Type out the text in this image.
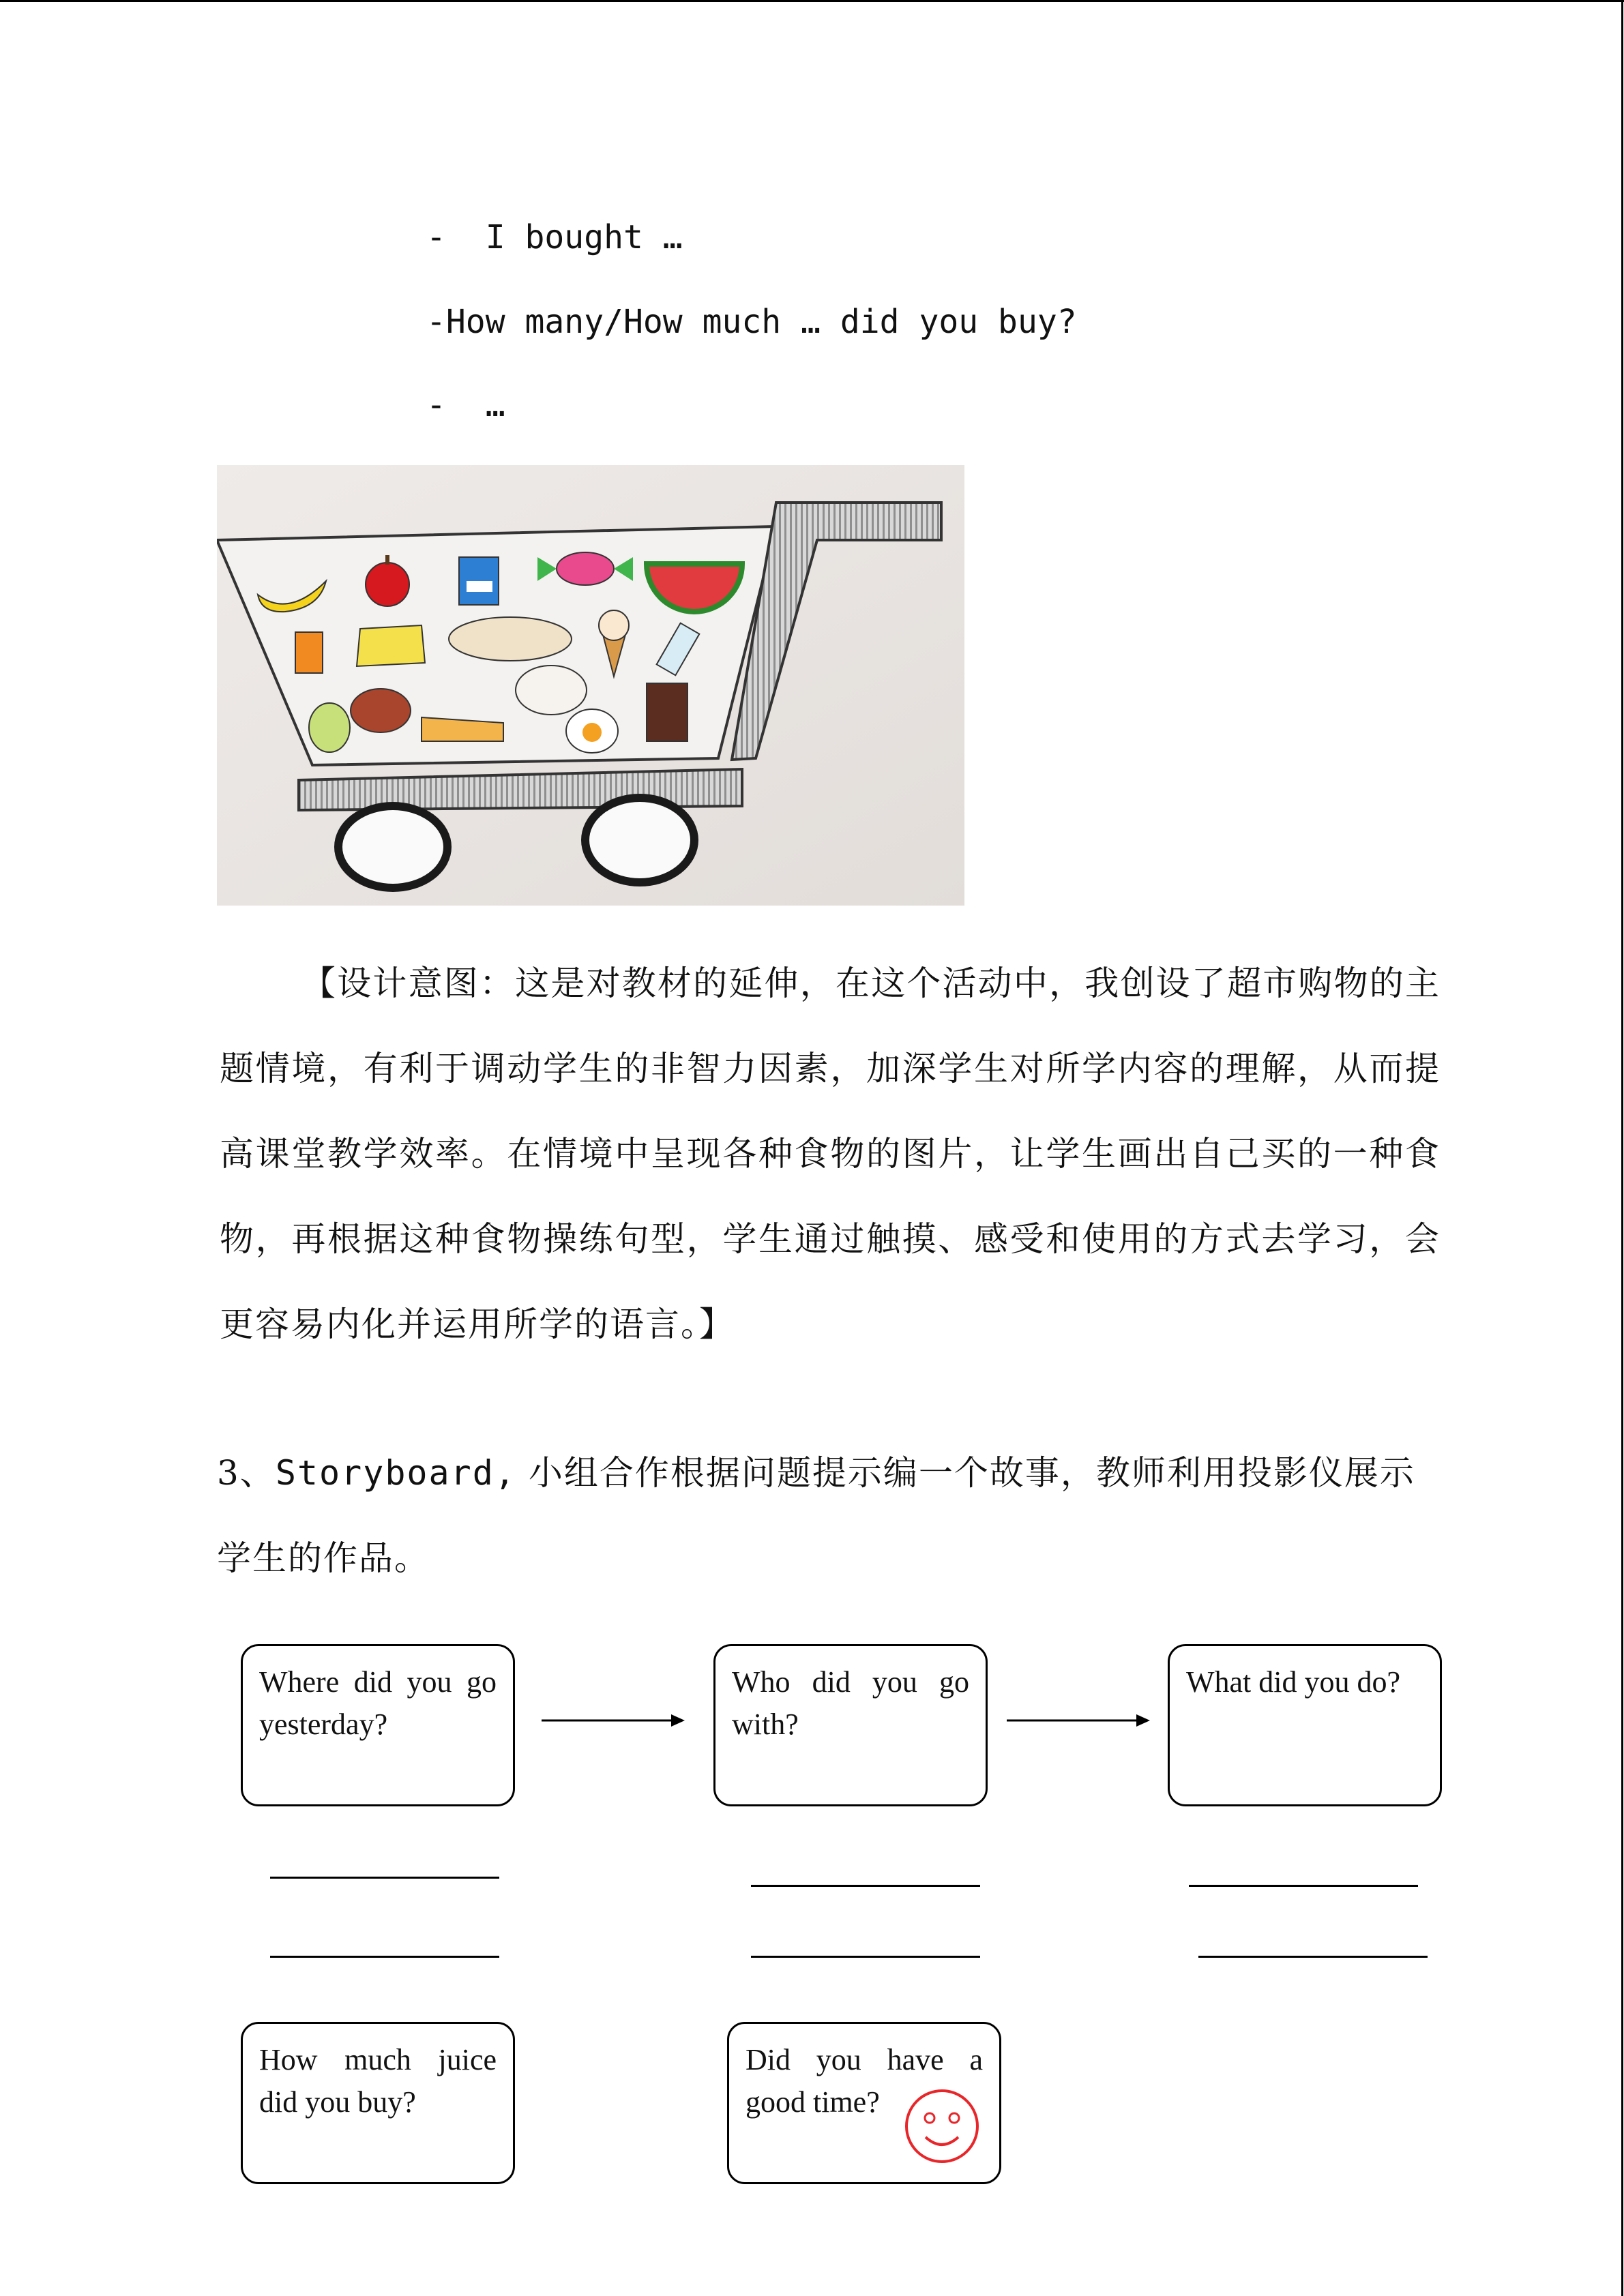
-  I bought …
-How many/How much … did you buy?
-  …
【设计意图：这是对教材的延伸，在这个活动中，我创设了超市购物的主题情境，有利于调动学生的非智力因素，加深学生对所学内容的理解，从而提高课堂教学效率。在情境中呈现各种食物的图片，让学生画出自己买的一种食物，再根据这种食物操练句型，学生通过触摸、感受和使用的方式去学习，会更容易内化并运用所学的语言。】
3、Storyboard, 小组合作根据问题提示编一个故事，教师利用投影仪展示学生的作品。
Where did you go yesterday?
Who did you go with?
What did you do?
How much juice did you buy?
Did you have a good time?
